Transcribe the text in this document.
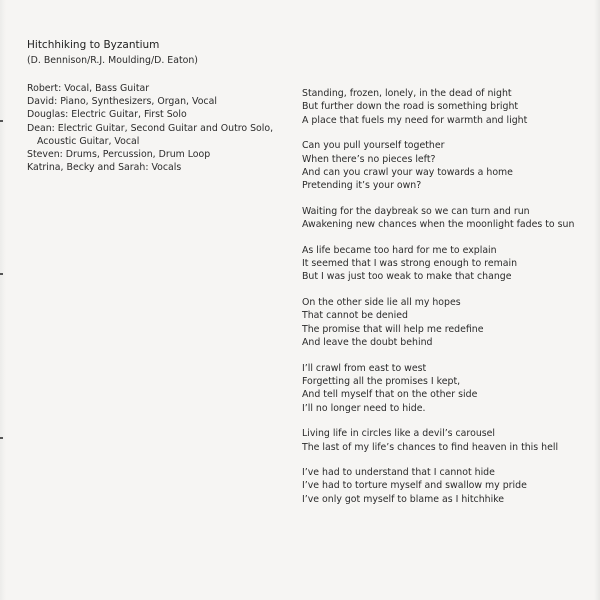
Hitchhiking to Byzantium
(D. Bennison/R.J. Moulding/D. Eaton)
Robert: Vocal, Bass Guitar
David: Piano, Synthesizers, Organ, Vocal
Douglas: Electric Guitar, First Solo
Dean: Electric Guitar, Second Guitar and Outro Solo,
Acoustic Guitar, Vocal
Steven: Drums, Percussion, Drum Loop
Katrina, Becky and Sarah: Vocals
Standing, frozen, lonely, in the dead of night
But further down the road is something bright
A place that fuels my need for warmth and light
Can you pull yourself together
When there’s no pieces left?
And can you crawl your way towards a home
Pretending it’s your own?
Waiting for the daybreak so we can turn and run
Awakening new chances when the moonlight fades to sun
As life became too hard for me to explain
It seemed that I was strong enough to remain
But I was just too weak to make that change
On the other side lie all my hopes
That cannot be denied
The promise that will help me redefine
And leave the doubt behind
I’ll crawl from east to west
Forgetting all the promises I kept,
And tell myself that on the other side
I’ll no longer need to hide.
Living life in circles like a devil’s carousel
The last of my life’s chances to find heaven in this hell
I’ve had to understand that I cannot hide
I’ve had to torture myself and swallow my pride
I’ve only got myself to blame as I hitchhike
